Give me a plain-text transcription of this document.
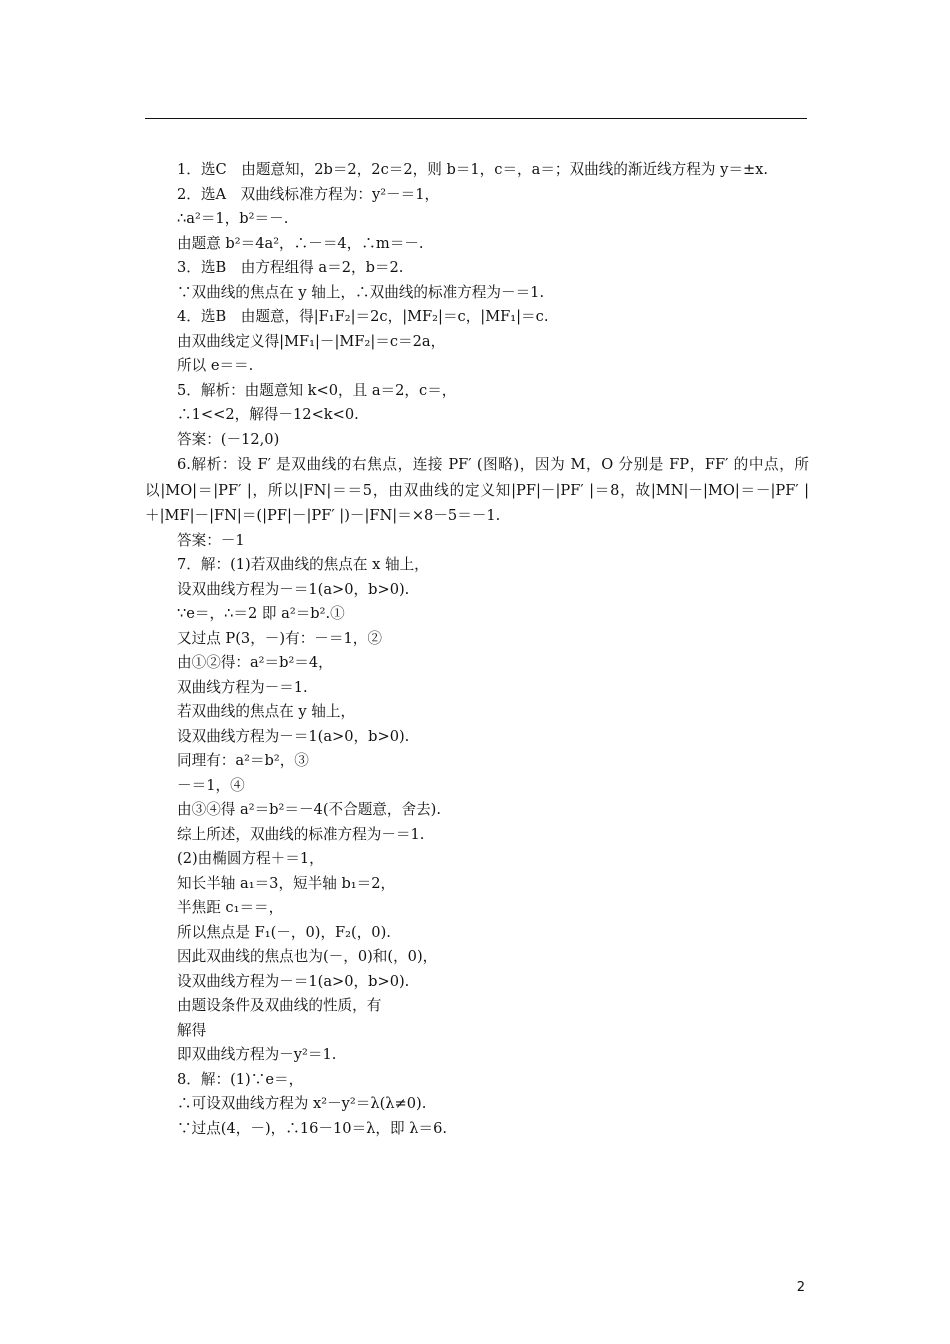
1．选C　由题意知，2b＝2，2c＝2，则 b＝1，c＝，a＝；双曲线的渐近线方程为 y＝±x.
2．选A　双曲线标准方程为：y²－＝1，
∴a²＝1，b²＝－.
由题意 b²＝4a²，∴－＝4，∴m＝－.
3．选B　由方程组得 a＝2，b＝2.
∵双曲线的焦点在 y 轴上，∴双曲线的标准方程为－＝1.
4．选B　由题意，得|F₁F₂|＝2c，|MF₂|＝c，|MF₁|＝c.
由双曲线定义得|MF₁|－|MF₂|＝c＝2a，
所以 e＝＝.
5．解析：由题意知 k<0，且 a＝2，c＝，
∴1<<2，解得－12<k<0.
答案：(－12,0)

6.解析：设 F′ 是双曲线的右焦点，连接 PF′ (图略)，因为 M，O 分别是 FP，FF′ 的中点，所以|MO|＝|PF′ |，所以|FN|＝＝5，由双曲线的定义知|PF|－|PF′ |＝8，故|MN|－|MO|＝－|PF′ |＋|MF|－|FN|＝(|PF|－|PF′ |)－|FN|＝×8－5＝－1.

答案：－1
7．解：(1)若双曲线的焦点在 x 轴上，
设双曲线方程为－＝1(a>0，b>0).
∵e＝，∴＝2 即 a²＝b².①
又过点 P(3，－)有：－＝1，②
由①②得：a²＝b²＝4，
双曲线方程为－＝1.
若双曲线的焦点在 y 轴上，
设双曲线方程为－＝1(a>0，b>0).
同理有：a²＝b²，③
－＝1，④
由③④得 a²＝b²＝－4(不合题意，舍去).
综上所述，双曲线的标准方程为－＝1.
(2)由椭圆方程＋＝1，
知长半轴 a₁＝3，短半轴 b₁＝2，
半焦距 c₁＝＝，
所以焦点是 F₁(－，0)，F₂(，0).
因此双曲线的焦点也为(－，0)和(，0)，
设双曲线方程为－＝1(a>0，b>0).
由题设条件及双曲线的性质，有
解得
即双曲线方程为－y²＝1.
8．解：(1)∵e＝，
∴可设双曲线方程为 x²－y²＝λ(λ≠0).
∵过点(4，－)，∴16－10＝λ，即 λ＝6.
2
